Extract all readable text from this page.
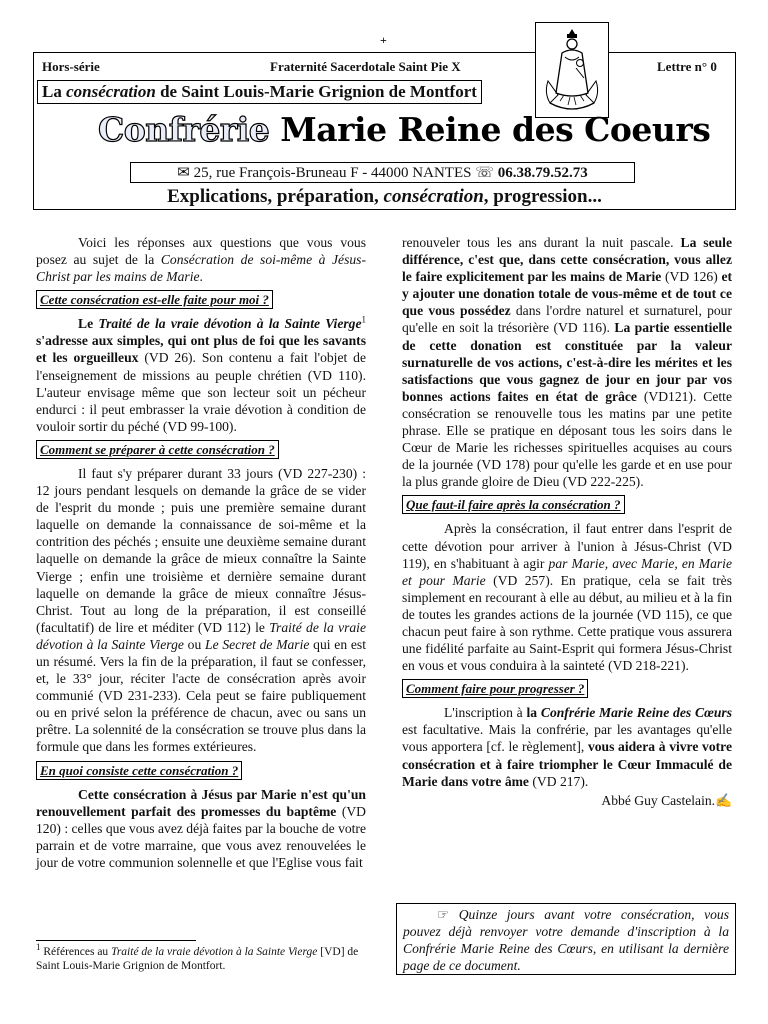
+
Hors-série	Fraternité Sacerdotale Saint Pie X	Lettre n° 0
La consécration de Saint Louis-Marie Grignion de Montfort
Confrérie Marie Reine des Coeurs
✉ 25, rue François-Bruneau F - 44000 NANTES ☏ 06.38.79.52.73
Explications, préparation, consécration, progression...

Voici les réponses aux questions que vous vous posez au sujet de la Consécration de soi-même à Jésus-Christ par les mains de Marie.

Cette consécration est-elle faite pour moi ?

Le Traité de la vraie dévotion à la Sainte Vierge$^1$ s'adresse aux simples, qui ont plus de foi que les savants et les orgueilleux (VD 26). Son contenu a fait l'objet de l'enseignement de missions au peuple chrétien (VD 110). L'auteur envisage même que son lecteur soit un pécheur endurci : il peut embrasser la vraie dévotion à condition de vouloir sortir du péché (VD 99-100).

Comment se préparer à cette consécration ?

Il faut s'y préparer durant 33 jours (VD 227-230) : 12 jours pendant lesquels on demande la grâce de se vider de l'esprit du monde ; puis une première semaine durant laquelle on demande la connaissance de soi-même et la contrition des péchés ; ensuite une deuxième semaine durant laquelle on demande la grâce de mieux connaître la Sainte Vierge ; enfin une troisième et dernière semaine durant laquelle on demande la grâce de mieux connaître Jésus-Christ. Tout au long de la préparation, il est conseillé (facultatif) de lire et méditer (VD 112) le Traité de la vraie dévotion à la Sainte Vierge ou Le Secret de Marie qui en est un résumé. Vers la fin de la préparation, il faut se confesser, et, le 33° jour, réciter l'acte de consécration après avoir communié (VD 231-233). Cela peut se faire publiquement ou en privé selon la préférence de chacun, avec ou sans un prêtre. La solennité de la consécration se trouve plus dans la formule que dans les formes extérieures.

En quoi consiste cette consécration ?

Cette consécration à Jésus par Marie n'est qu'un renouvellement parfait des promesses du baptême (VD 120) : celles que vous avez déjà faites par la bouche de votre parrain et de votre marraine, que vous avez renouvelées le jour de votre communion solennelle et que l'Eglise vous fait

$^1$ Références au Traité de la vraie dévotion à la Sainte Vierge [VD] de Saint Louis-Marie Grignion de Montfort.

renouveler tous les ans durant la nuit pascale. La seule différence, c'est que, dans cette consécration, vous allez le faire explicitement par les mains de Marie (VD 126) et y ajouter une donation totale de vous-même et de tout ce que vous possédez dans l'ordre naturel et surnaturel, pour qu'elle en soit la trésorière (VD 116). La partie essentielle de cette donation est constituée par la valeur surnaturelle de vos actions, c'est-à-dire les mérites et les satisfactions que vous gagnez de jour en jour par vos bonnes actions faites en état de grâce (VD121). Cette consécration se renouvelle tous les matins par une petite phrase. Elle se pratique en déposant tous les soirs dans le Cœur de Marie les richesses spirituelles acquises au cours de la journée (VD 178) pour qu'elle les garde et en use pour la plus grande gloire de Dieu (VD 222-225).

Que faut-il faire après la consécration ?

Après la consécration, il faut entrer dans l'esprit de cette dévotion pour arriver à l'union à Jésus-Christ (VD 119), en s'habituant à agir par Marie, avec Marie, en Marie et pour Marie (VD 257). En pratique, cela se fait très simplement en recourant à elle au début, au milieu et à la fin de toutes les grandes actions de la journée (VD 115), ce que chacun peut faire à son rythme. Cette pratique vous assurera une fidélité parfaite au Saint-Esprit qui formera Jésus-Christ en vous et vous conduira à la sainteté (VD 218-221).

Comment faire pour progresser ?

L'inscription à la Confrérie Marie Reine des Cœurs est facultative. Mais la confrérie, par les avantages qu'elle vous apportera [cf. le règlement], vous aidera à vivre votre consécration et à faire triompher le Cœur Immaculé de Marie dans votre âme (VD 217).

Abbé Guy Castelain.✍
☞ Quinze jours avant votre consécration, vous pouvez déjà renvoyer votre demande d'inscription à la Confrérie Marie Reine des Cœurs, en utilisant la dernière page de ce document.
